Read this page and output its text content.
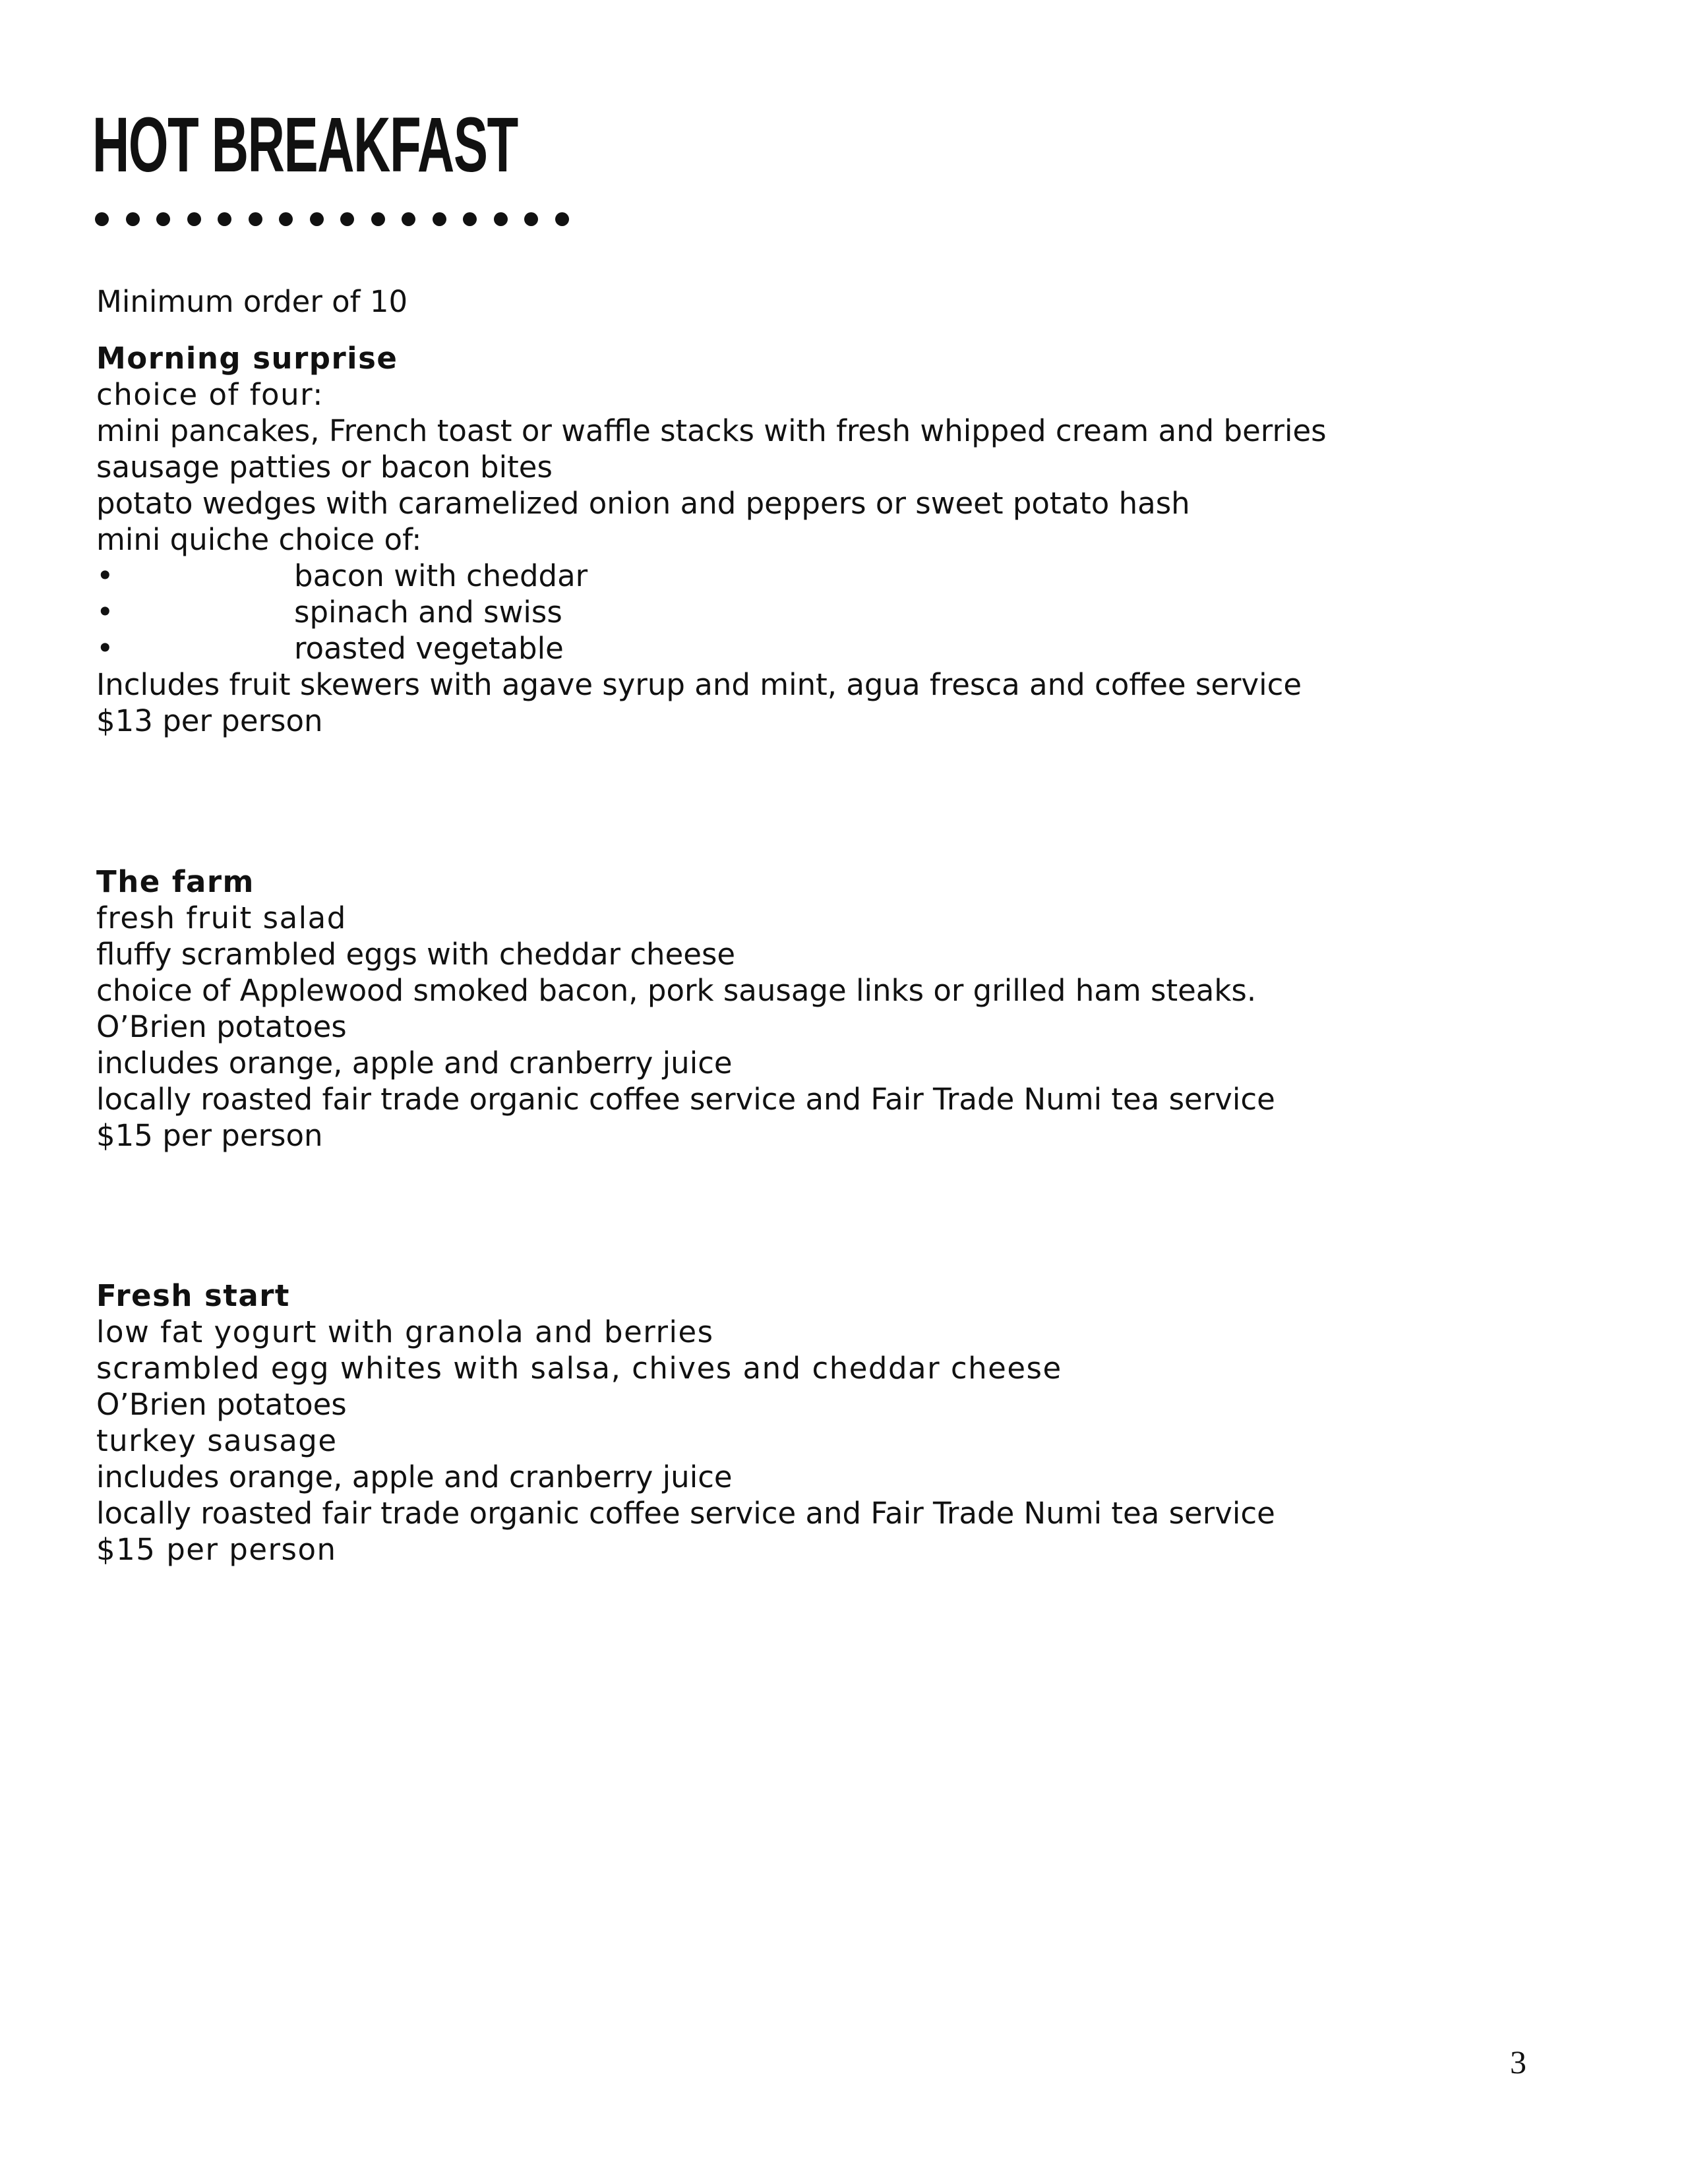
HOT BREAKFAST

Minimum order of 10

Morning surprise

choice of four:

mini pancakes, French toast or waffle stacks with fresh whipped cream and berries

sausage patties or bacon bites

potato wedges with caramelized onion and peppers or sweet potato hash

mini quiche choice of:

•	bacon with cheddar

•	spinach and swiss

•	roasted vegetable

Includes fruit skewers with agave syrup and mint, agua fresca and coffee service

$13 per person

The farm

fresh fruit salad

fluffy scrambled eggs with cheddar cheese

choice of Applewood smoked bacon, pork sausage links or grilled ham steaks.

O’Brien potatoes

includes orange, apple and cranberry juice

locally roasted fair trade organic coffee service and Fair Trade Numi tea service

$15 per person

Fresh start

low fat yogurt with granola and berries

scrambled egg whites with salsa, chives and cheddar cheese

O’Brien potatoes

turkey sausage

includes orange, apple and cranberry juice

locally roasted fair trade organic coffee service and Fair Trade Numi tea service

$15 per person

3
